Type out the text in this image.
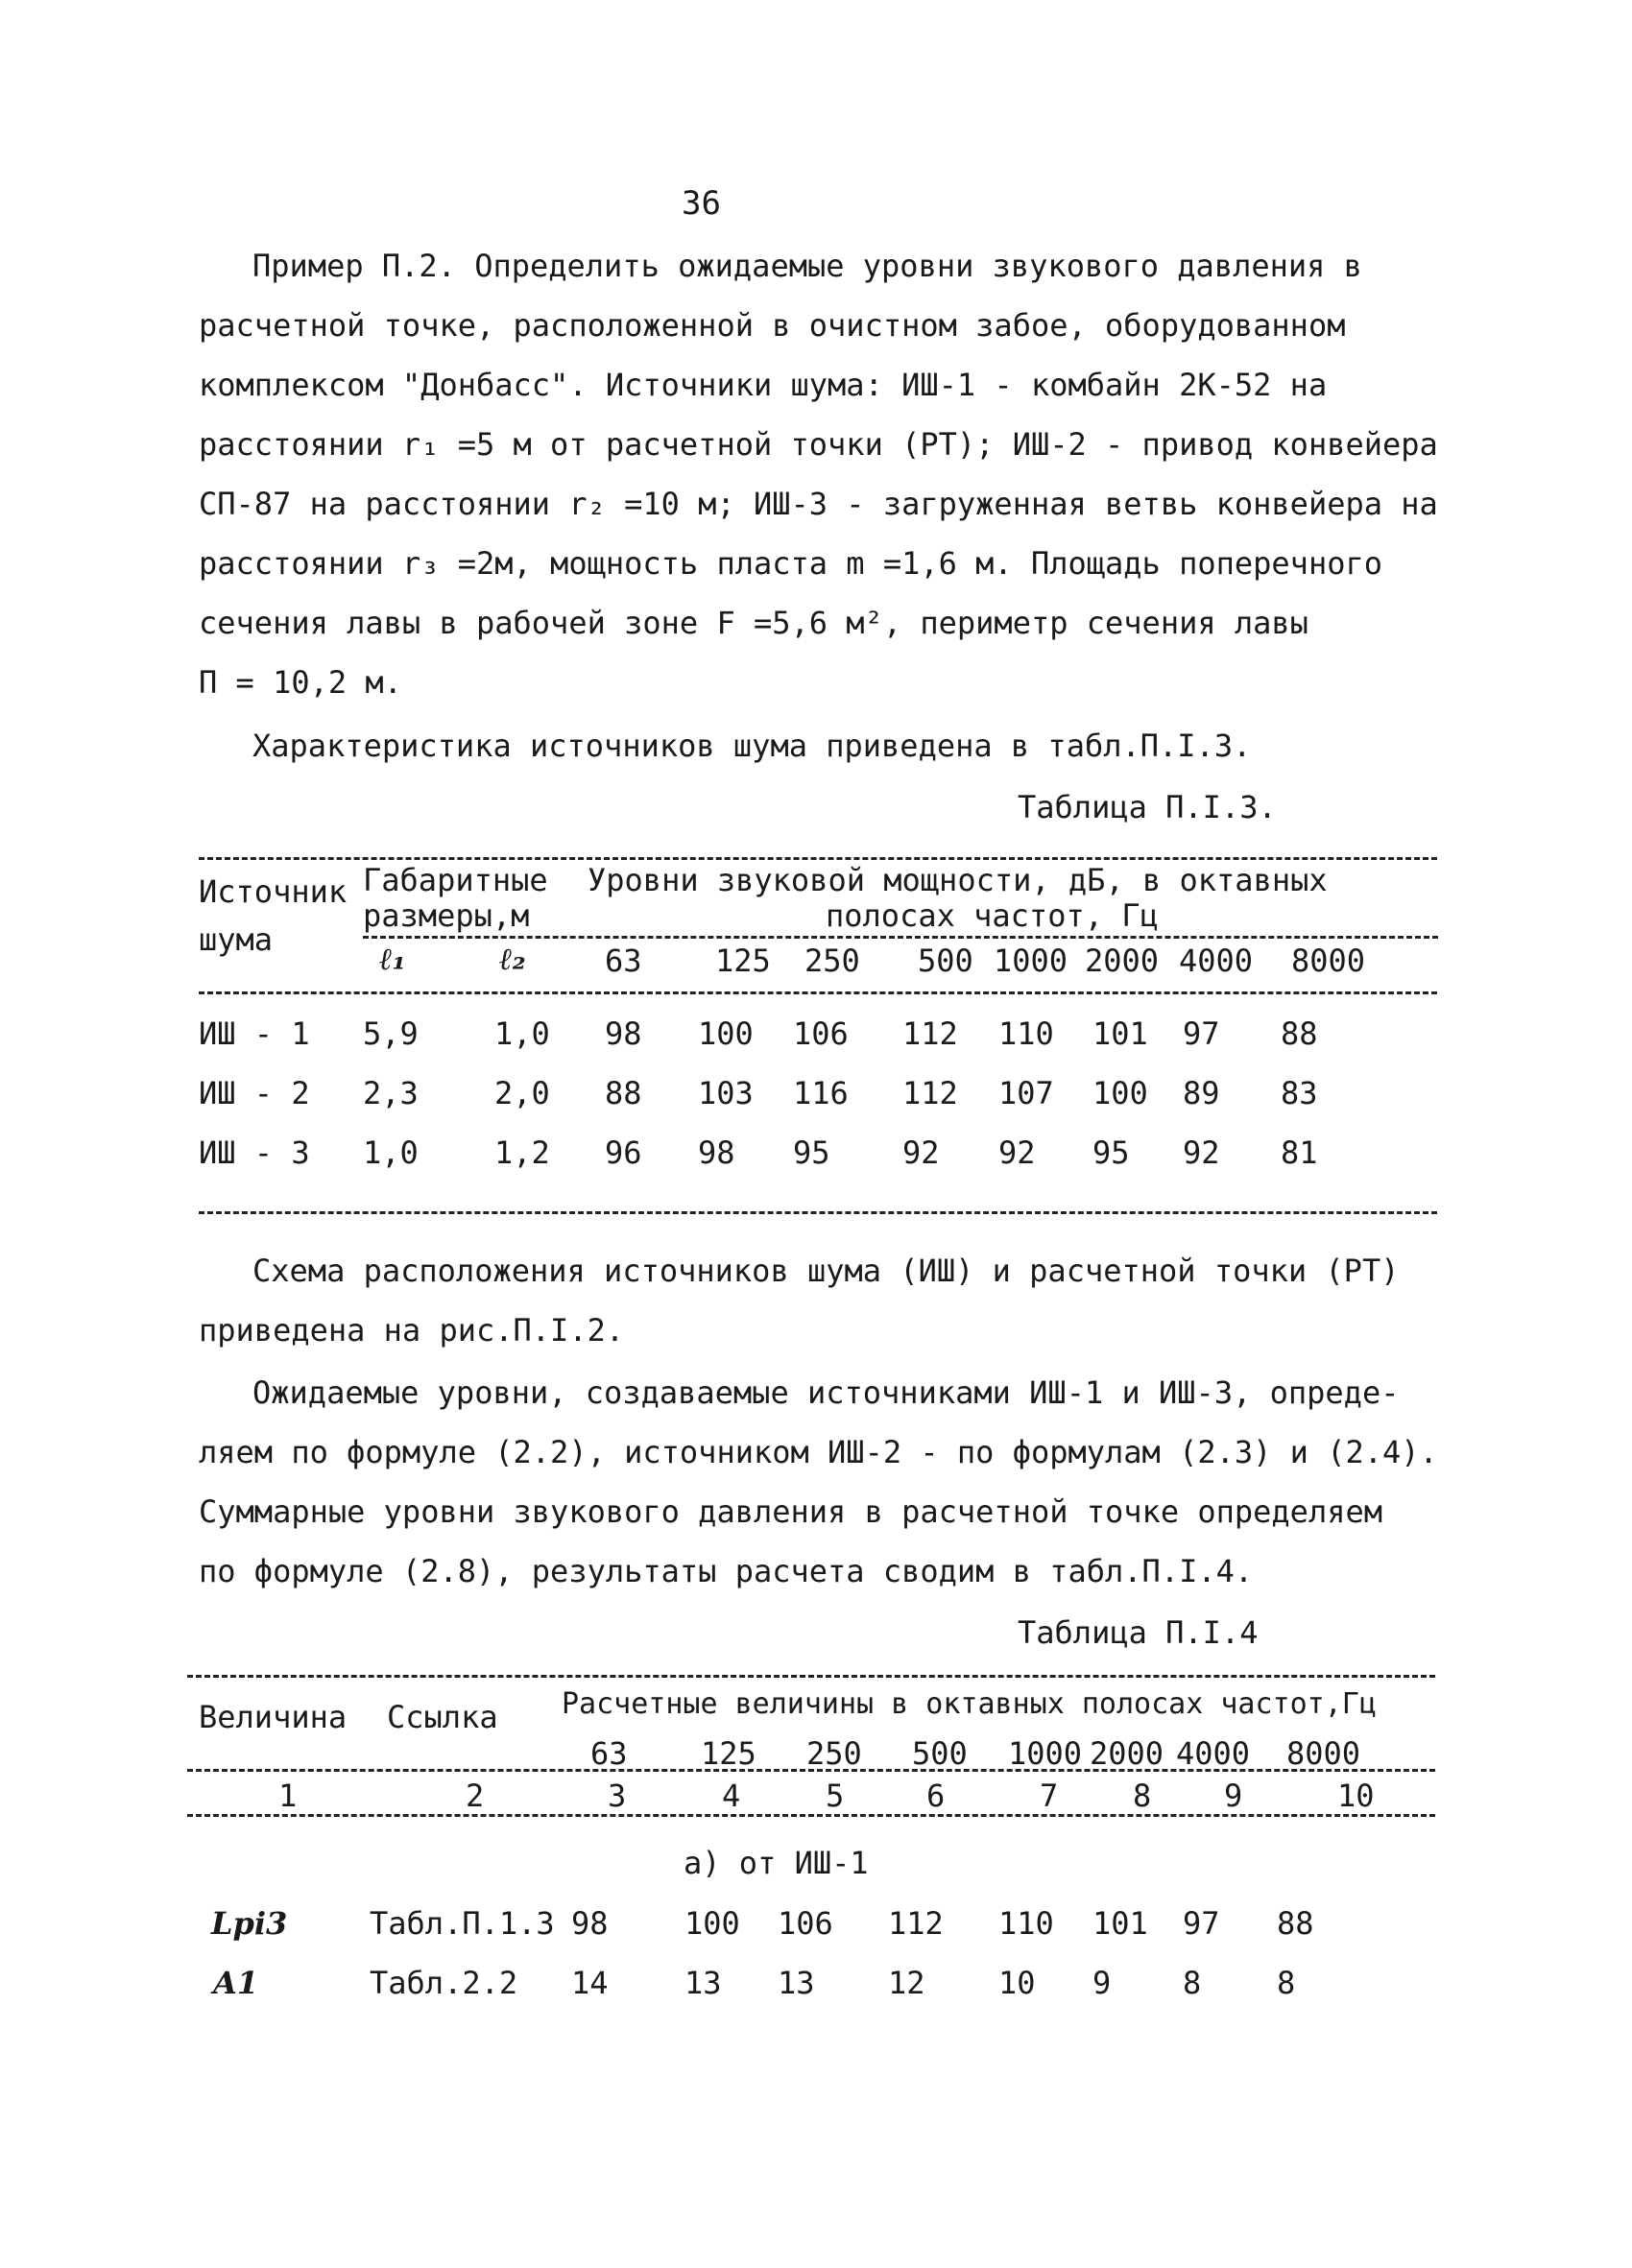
36
Пример П.2. Определить ожидаемые уровни звукового давления в
расчетной точке, расположенной в очистном забое, оборудованном
комплексом "Донбасс". Источники шума: ИШ-1 - комбайн 2К-52 на
расстоянии r₁ =5 м от расчетной точки (РТ); ИШ-2 - привод конвейера
СП-87 на расстоянии r₂ =10 м; ИШ-3 - загруженная ветвь конвейера на
расстоянии r₃ =2м, мощность пласта m =1,6 м. Площадь поперечного
сечения лавы в рабочей зоне F =5,6 м², периметр сечения лавы
П = 10,2 м.
Характеристика источников шума приведена в табл.П.I.3.
Таблица П.I.3.
Источник
шума
Габаритные
размеры,м
Уровни звуковой мощности, дБ, в октавных
полосах частот, Гц
ℓ₁	ℓ₂	63 125 250 500 1000 2000 4000 8000
ИШ - 1 5,9 1,0 98 100 106 112 110 101 97 88
ИШ - 2 2,3 2,0 88 103 116 112 107 100 89 83
ИШ - 3 1,0 1,2 96 98 95 92 92 95 92 81
Схема расположения источников шума (ИШ) и расчетной точки (РТ)
приведена на рис.П.I.2.
Ожидаемые уровни, создаваемые источниками ИШ-1 и ИШ-3, опреде-
ляем по формуле (2.2), источником ИШ-2 - по формулам (2.3) и (2.4).
Суммарные уровни звукового давления в расчетной точке определяем
по формуле (2.8), результаты расчета сводим в табл.П.I.4.
Таблица П.I.4
Величина Ссылка Расчетные величины в октавных полосах частот,Гц
63 125 250 500 1000 2000 4000 8000
1	2	3	4	5	6	7 8 9	10
а) от ИШ-1
Lpi3	Табл.П.1.3 98 100 106 112 110 101 97 88
A1	Табл.2.2 14 13 13 12 10 9 8 8
